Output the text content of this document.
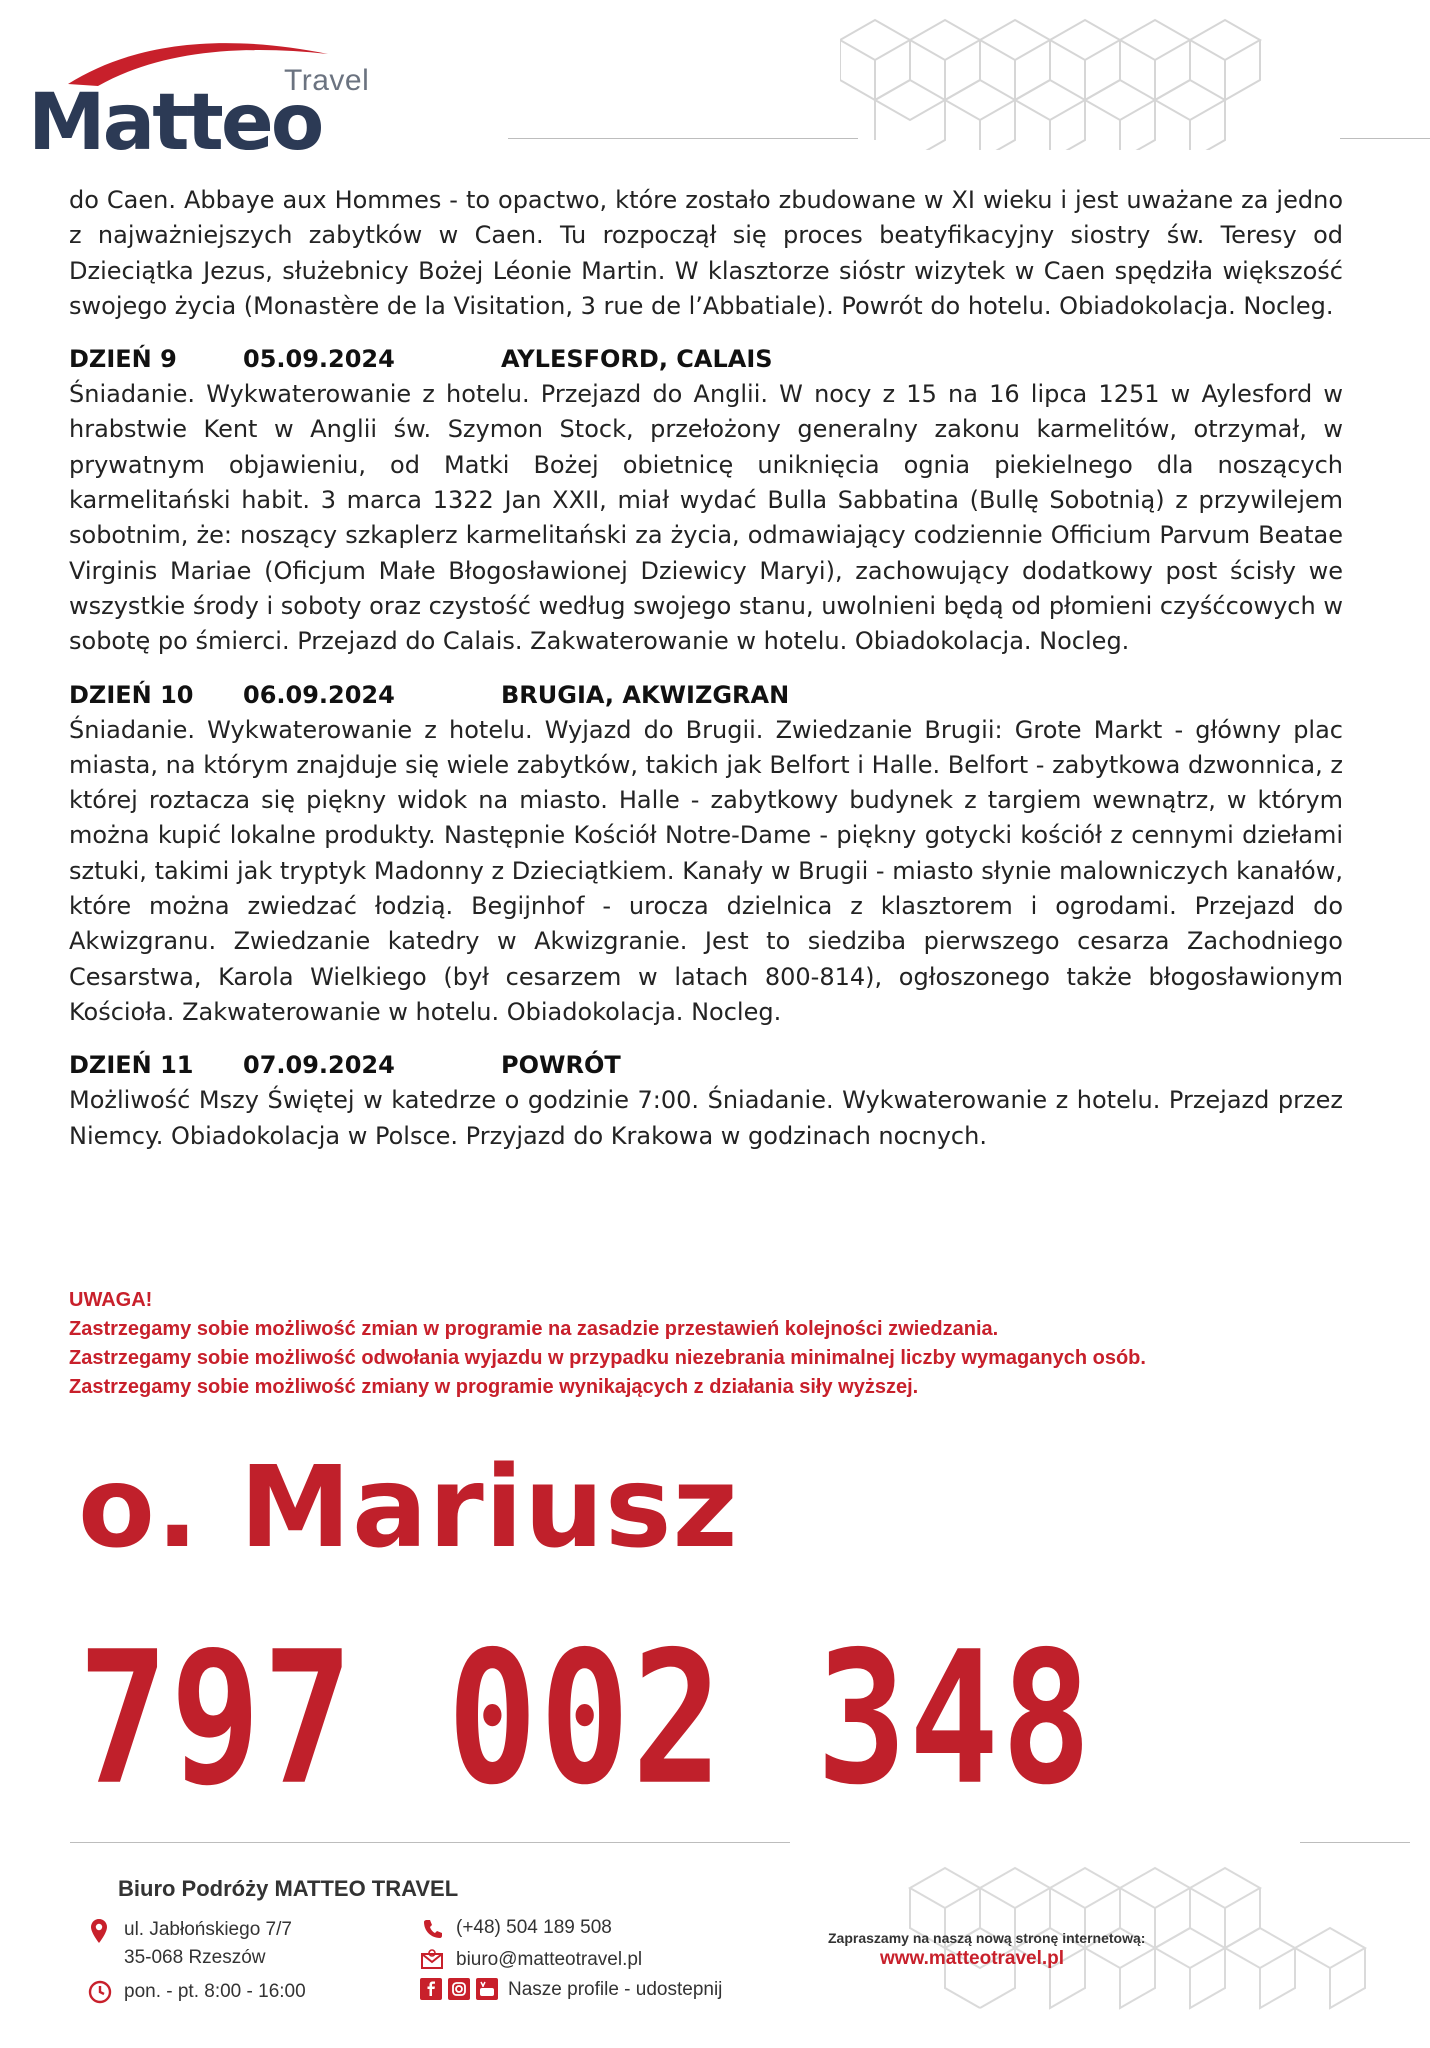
Travel
Matteo

do Caen. Abbaye aux Hommes - to opactwo, które zostało zbudowane w XI wieku i jest uważane za jedno z najważniejszych zabytków w Caen. Tu rozpoczął się proces beatyfikacyjny siostry św. Teresy od Dzieciątka Jezus, służebnicy Bożej Léonie Martin. W klasztorze sióstr wizytek w Caen spędziła większość swojego życia (Monastère de la Visitation, 3 rue de l’Abbatiale). Powrót do hotelu. Obiadokolacja. Nocleg.

DZIEŃ 9	05.09.2024	AYLESFORD, CALAIS

Śniadanie. Wykwaterowanie z hotelu. Przejazd do Anglii. W nocy z 15 na 16 lipca 1251 w Aylesford w hrabstwie Kent w Anglii św. Szymon Stock, przełożony generalny zakonu karmelitów, otrzymał, w prywatnym objawieniu, od Matki Bożej obietnicę uniknięcia ognia piekielnego dla noszących karmelitański habit. 3 marca 1322 Jan XXII, miał wydać Bulla Sabbatina (Bullę Sobotnią) z przywilejem sobotnim, że: noszący szkaplerz karmelitański za życia, odmawiający codziennie Officium Parvum Beatae Virginis Mariae (Oficjum Małe Błogosławionej Dziewicy Maryi), zachowujący dodatkowy post ścisły we wszystkie środy i soboty oraz czystość według swojego stanu, uwolnieni będą od płomieni czyśćcowych w sobotę po śmierci. Przejazd do Calais. Zakwaterowanie w hotelu. Obiadokolacja. Nocleg.

DZIEŃ 10	06.09.2024	BRUGIA, AKWIZGRAN

Śniadanie. Wykwaterowanie z hotelu. Wyjazd do Brugii. Zwiedzanie Brugii: Grote Markt - główny plac miasta, na którym znajduje się wiele zabytków, takich jak Belfort i Halle. Belfort - zabytkowa dzwonnica, z której roztacza się piękny widok na miasto. Halle - zabytkowy budynek z targiem wewnątrz, w którym można kupić lokalne produkty. Następnie Kościół Notre-Dame - piękny gotycki kościół z cennymi dziełami sztuki, takimi jak tryptyk Madonny z Dzieciątkiem. Kanały w Brugii - miasto słynie malowniczych kanałów, które można zwiedzać łodzią. Begijnhof - urocza dzielnica z klasztorem i ogrodami. Przejazd do Akwizgranu. Zwiedzanie katedry w Akwizgranie. Jest to siedziba pierwszego cesarza Zachodniego Cesarstwa, Karola Wielkiego (był cesarzem w latach 800-814), ogłoszonego także błogosławionym Kościoła. Zakwaterowanie w hotelu. Obiadokolacja. Nocleg.

DZIEŃ 11	07.09.2024	POWRÓT

Możliwość Mszy Świętej w katedrze o godzinie 7:00. Śniadanie. Wykwaterowanie z hotelu. Przejazd przez Niemcy. Obiadokolacja w Polsce. Przyjazd do Krakowa w godzinach nocnych.

UWAGA!
Zastrzegamy sobie możliwość zmian w programie na zasadzie przestawień kolejności zwiedzania.
Zastrzegamy sobie możliwość odwołania wyjazdu w przypadku niezebrania minimalnej liczby wymaganych osób.
Zastrzegamy sobie możliwość zmiany w programie wynikających z działania siły wyższej.
o. Mariusz
797 002 348
Biuro Podróży MATTEO TRAVEL
ul. Jabłońskiego 7/7
35-068 Rzeszów
pon. - pt. 8:00 - 16:00
(+48) 504 189 508
biuro@matteotravel.pl
Nasze profile - udostepnij
Zapraszamy na naszą nową stronę internetową:
www.matteotravel.pl
